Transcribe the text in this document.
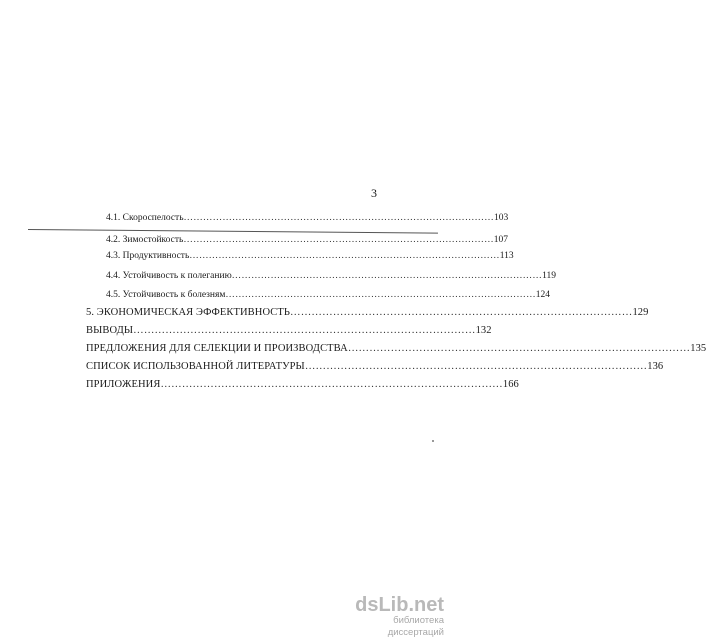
3
4.1. Скороспелость …………………………………………………………………………………… 103
4.2. Зимостойкость …………………………………………………………………………………… 107
4.3. Продуктивность …………………………………………………………………………………… 113
4.4. Устойчивость к полеганию …………………………………………………………………………………… 119
4.5. Устойчивость к болезням …………………………………………………………………………………… 124
5. ЭКОНОМИЧЕСКАЯ ЭФФЕКТИВНОСТЬ …………………………………………………………………………………… 129
ВЫВОДЫ …………………………………………………………………………………… 132
ПРЕДЛОЖЕНИЯ ДЛЯ СЕЛЕКЦИИ И ПРОИЗВОДСТВА …………………………………………………………………………………… 135
СПИСОК ИСПОЛЬЗОВАННОЙ ЛИТЕРАТУРЫ …………………………………………………………………………………… 136
ПРИЛОЖЕНИЯ …………………………………………………………………………………… 166
dsLib.net
библиотека диссертаций
